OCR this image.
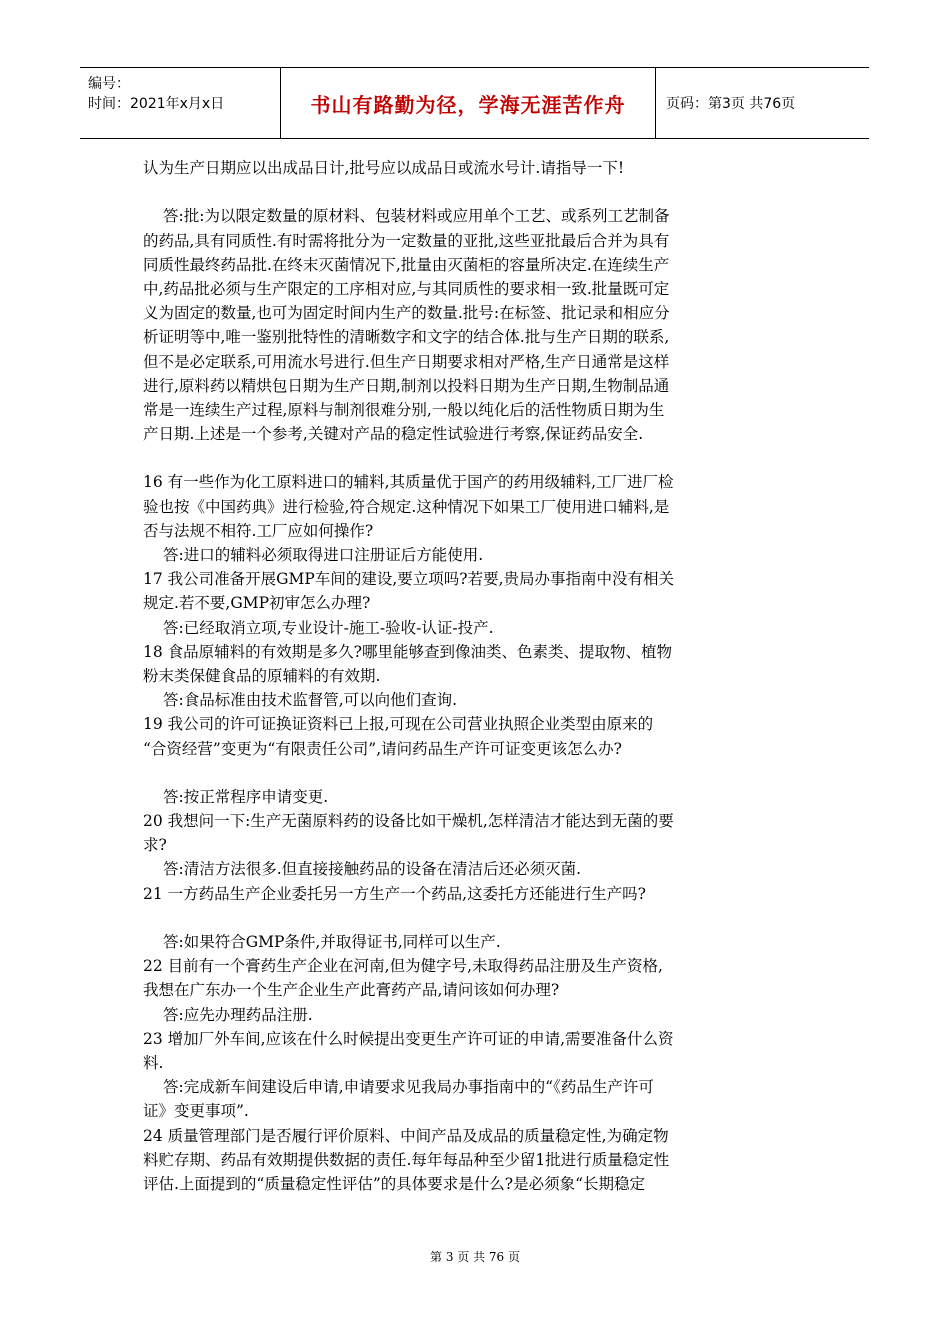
编号：
时间：2021年x月x日	书山有路勤为径，学海无涯苦作舟	页码：第3页 共76页
认为生产日期应以出成品日计,批号应以成品日或流水号计.请指导一下!
答:批:为以限定数量的原材料、包装材料或应用单个工艺、或系列工艺制备
的药品,具有同质性.有时需将批分为一定数量的亚批,这些亚批最后合并为具有
同质性最终药品批.在终末灭菌情况下,批量由灭菌柜的容量所决定.在连续生产
中,药品批必须与生产限定的工序相对应,与其同质性的要求相一致.批量既可定
义为固定的数量,也可为固定时间内生产的数量.批号:在标签、批记录和相应分
析证明等中,唯一鉴别批特性的清晰数字和文字的结合体.批与生产日期的联系,
但不是必定联系,可用流水号进行.但生产日期要求相对严格,生产日通常是这样
进行,原料药以精烘包日期为生产日期,制剂以投料日期为生产日期,生物制品通
常是一连续生产过程,原料与制剂很难分别,一般以纯化后的活性物质日期为生
产日期.上述是一个参考,关键对产品的稳定性试验进行考察,保证药品安全.
16 有一些作为化工原料进口的辅料,其质量优于国产的药用级辅料,工厂进厂检
验也按《中国药典》进行检验,符合规定.这种情况下如果工厂使用进口辅料,是
否与法规不相符.工厂应如何操作?
答:进口的辅料必须取得进口注册证后方能使用.
17 我公司准备开展GMP车间的建设,要立项吗?若要,贵局办事指南中没有相关
规定.若不要,GMP初审怎么办理?
答:已经取消立项,专业设计-施工-验收-认证-投产.
18 食品原辅料的有效期是多久?哪里能够查到像油类、色素类、提取物、植物
粉末类保健食品的原辅料的有效期.
答:食品标准由技术监督管,可以向他们查询.
19 我公司的许可证换证资料已上报,可现在公司营业执照企业类型由原来的
“合资经营”变更为“有限责任公司”,请问药品生产许可证变更该怎么办?
答:按正常程序申请变更.
20 我想问一下:生产无菌原料药的设备比如干燥机,怎样清洁才能达到无菌的要
求?
答:清洁方法很多.但直接接触药品的设备在清洁后还必须灭菌.
21 一方药品生产企业委托另一方生产一个药品,这委托方还能进行生产吗?
答:如果符合GMP条件,并取得证书,同样可以生产.
22 目前有一个膏药生产企业在河南,但为健字号,未取得药品注册及生产资格,
我想在广东办一个生产企业生产此膏药产品,请问该如何办理?
答:应先办理药品注册.
23 增加厂外车间,应该在什么时候提出变更生产许可证的申请,需要准备什么资
料.
答:完成新车间建设后申请,申请要求见我局办事指南中的“《药品生产许可
证》变更事项”.
24 质量管理部门是否履行评价原料、中间产品及成品的质量稳定性,为确定物
料贮存期、药品有效期提供数据的责任.每年每品种至少留1批进行质量稳定性
评估.上面提到的“质量稳定性评估”的具体要求是什么?是必须象“长期稳定
第 3 页 共 76 页
